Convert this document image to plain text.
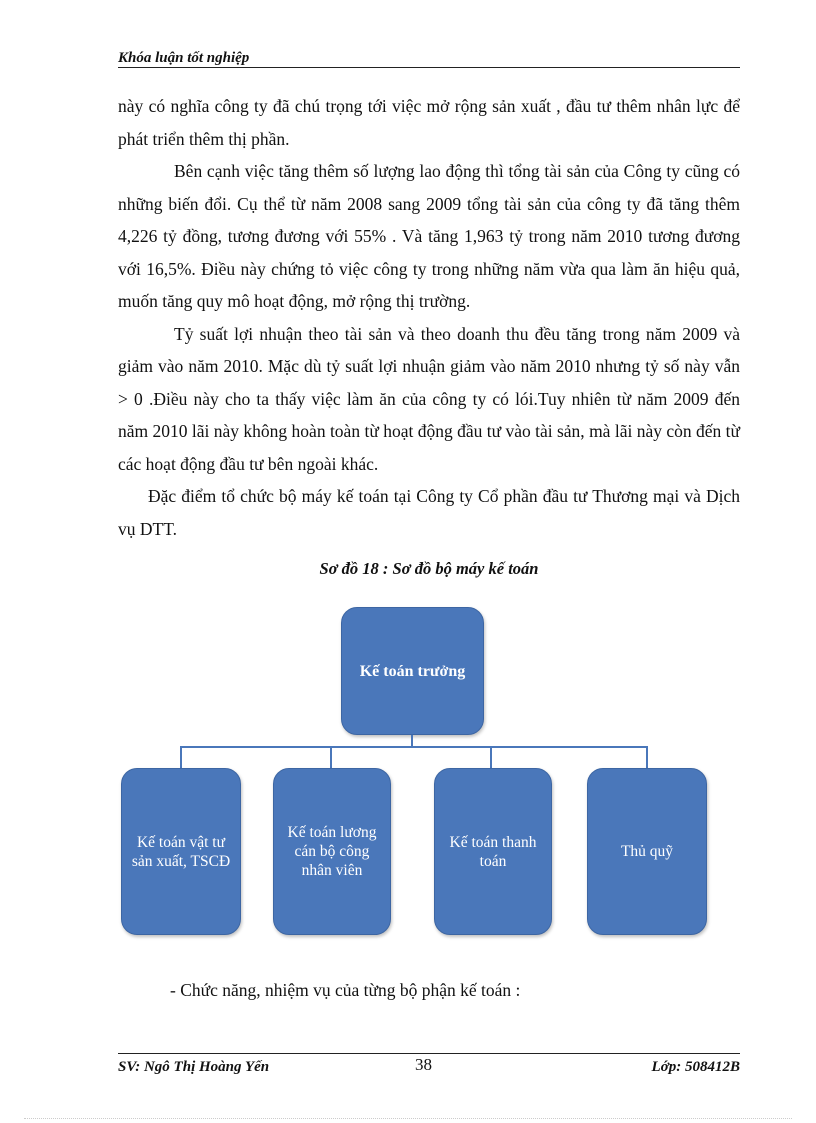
Khóa luận tốt nghiệp

này có nghĩa công ty đã chú trọng tới việc mở rộng sản xuất , đầu tư thêm nhân lực để phát triển thêm thị phần.

Bên cạnh việc tăng thêm số lượng lao động thì tổng tài sản của Công ty cũng có những biến đổi. Cụ thể từ năm 2008 sang 2009 tổng tài sản của công ty đã tăng thêm 4,226 tỷ đồng, tương đương với 55% . Và tăng 1,963 tỷ trong năm 2010 tương đương với 16,5%. Điều này chứng tỏ việc công ty trong những năm vừa qua làm ăn hiệu quả, muốn tăng quy mô hoạt động, mở rộng thị trường.

Tỷ suất lợi nhuận theo tài sản và theo doanh thu đều tăng trong năm 2009 và giảm vào năm 2010. Mặc dù tỷ suất lợi nhuận giảm vào năm 2010 nhưng tỷ số này vẫn > 0 .Điều này cho ta thấy việc làm ăn của công ty có lói.Tuy nhiên từ năm 2009 đến năm 2010 lãi này không hoàn toàn từ hoạt động đầu tư vào tài sản, mà lãi này còn đến từ các hoạt động đầu tư bên ngoài khác.

Đặc điểm tổ chức bộ máy kế toán tại Công ty Cổ phần đầu tư Thương mại và Dịch vụ DTT.

Sơ đồ 18 : Sơ đồ bộ máy kế toán
Kế toán trưởng
Kế toán vật tư sản xuất, TSCĐ
Kế toán lương cán bộ công nhân viên
Kế toán thanh toán
Thủ quỹ
- Chức năng, nhiệm vụ của từng bộ phận kế toán :
SV: Ngô Thị Hoàng Yến	38	Lớp: 508412B
